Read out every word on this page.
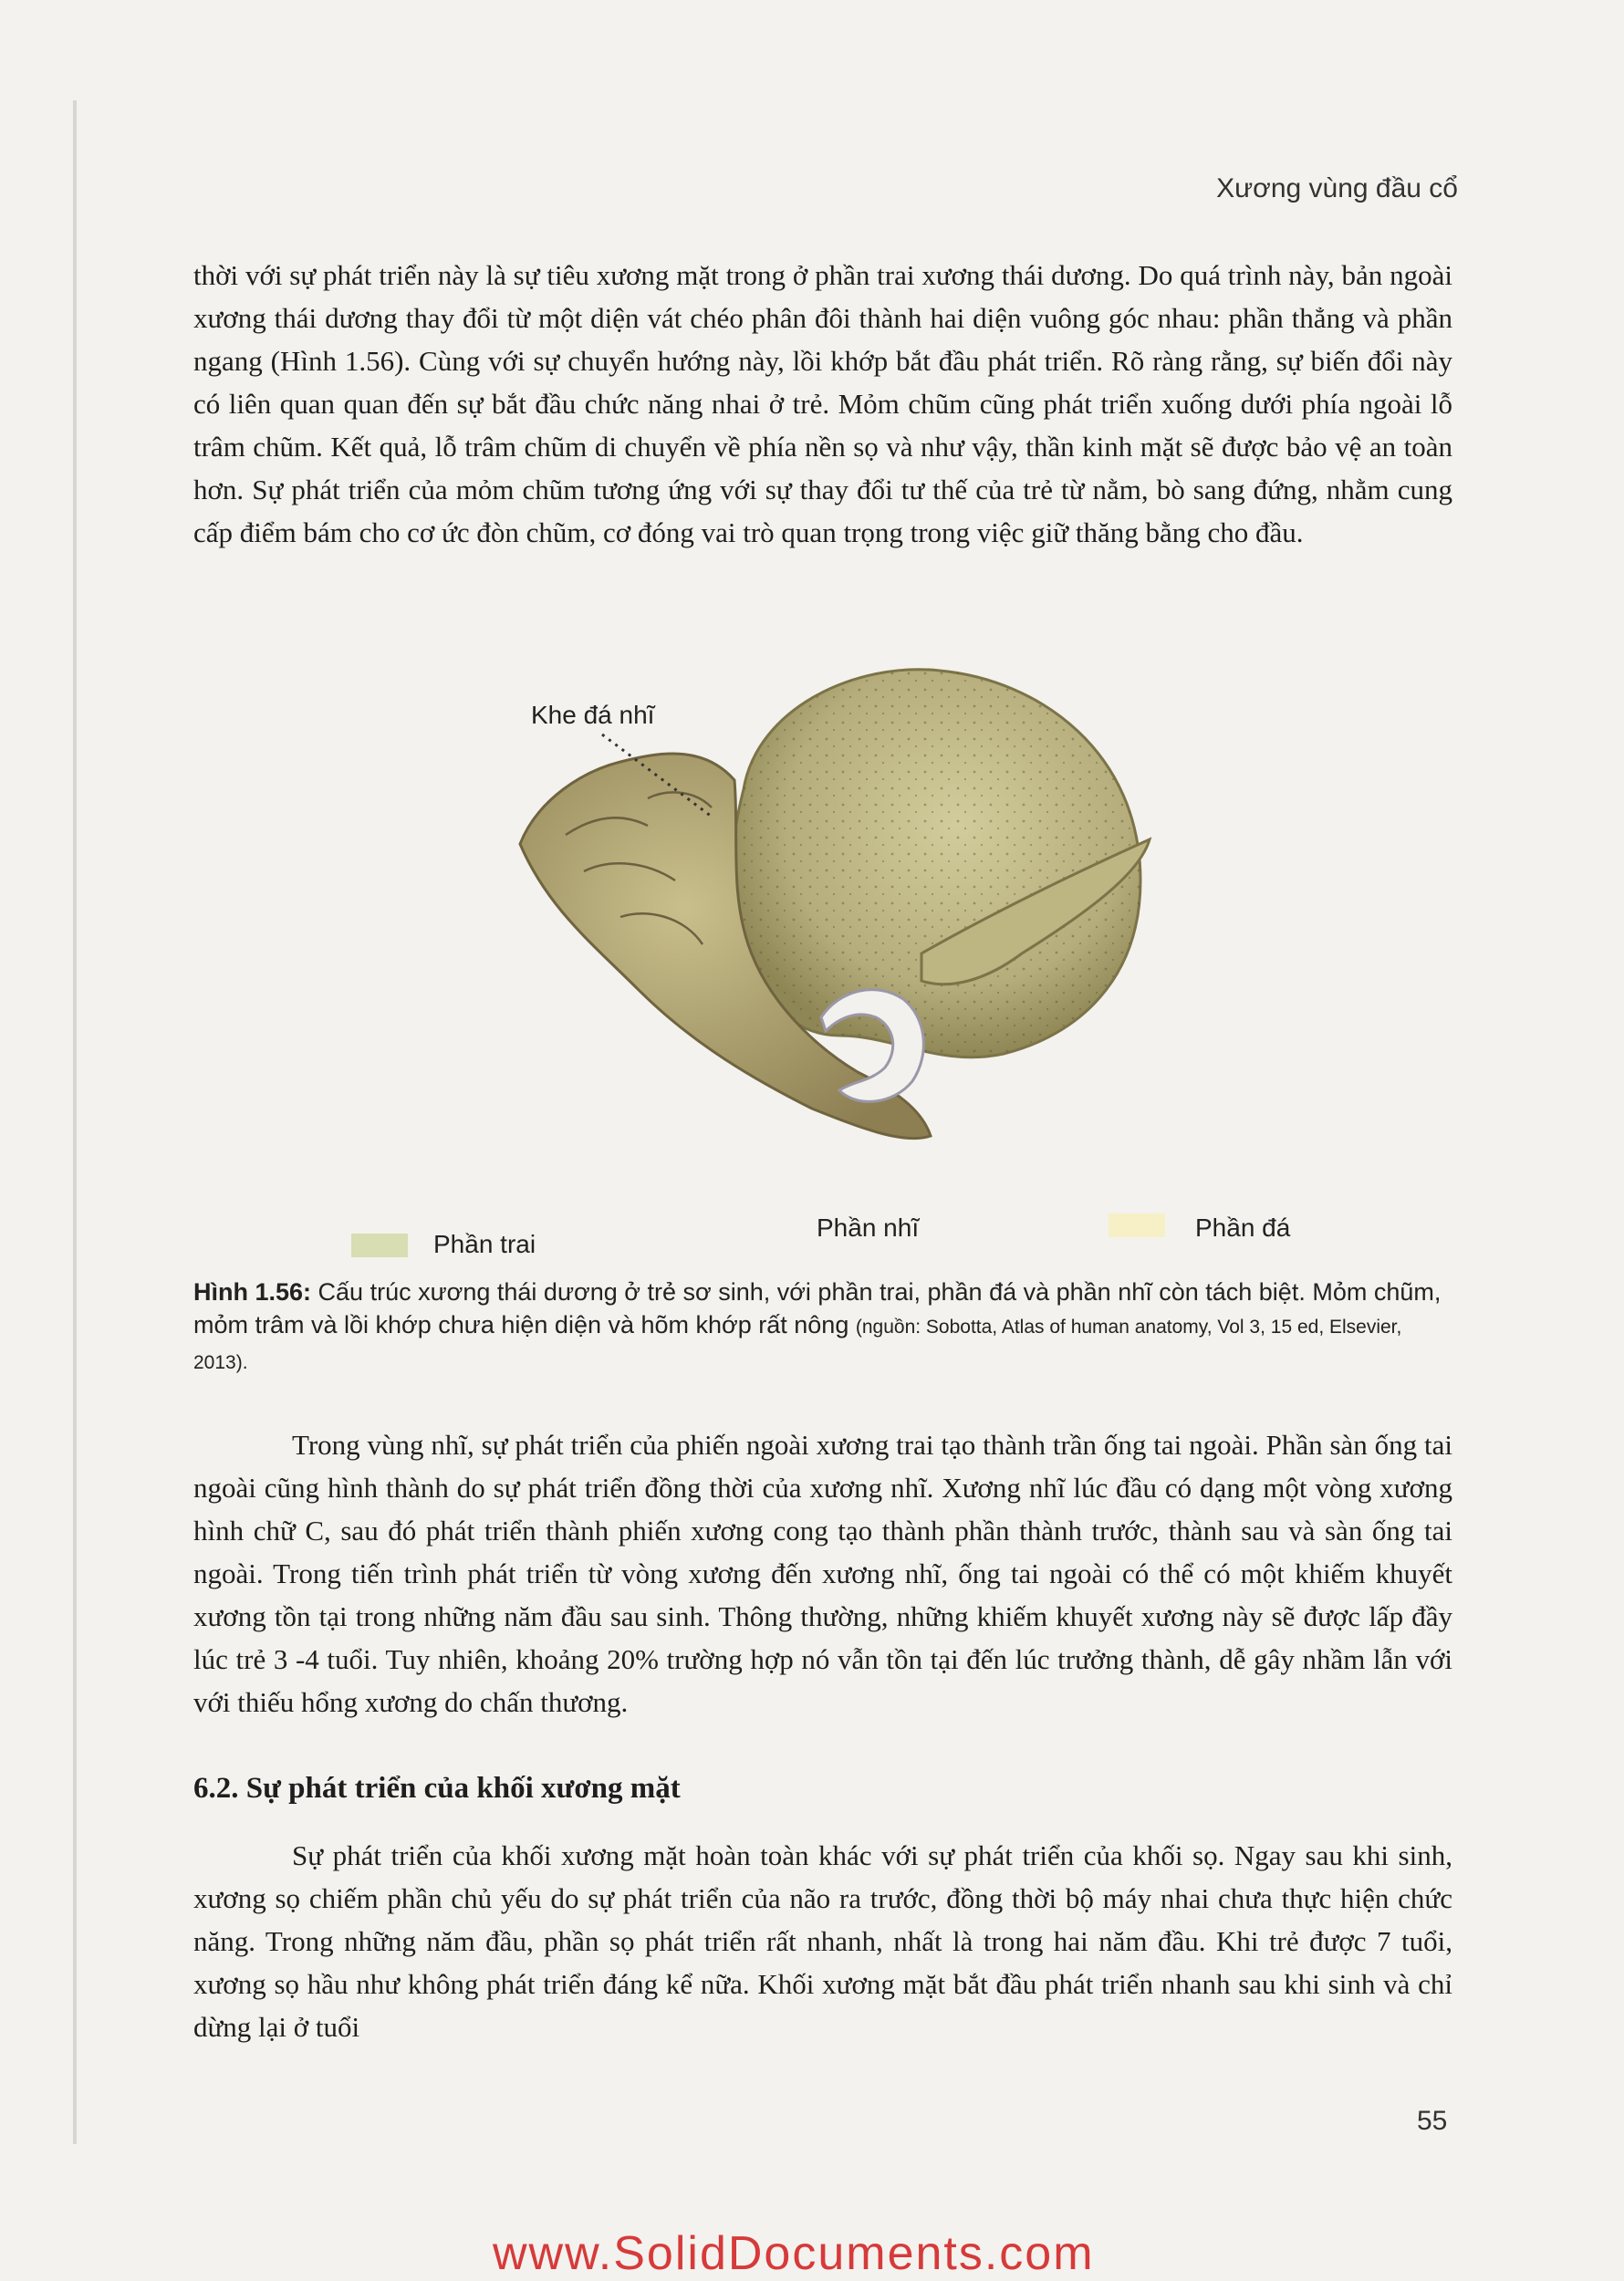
Xương vùng đầu cổ

thời với sự phát triển này là sự tiêu xương mặt trong ở phần trai xương thái dương. Do quá trình này, bản ngoài xương thái dương thay đổi từ một diện vát chéo phân đôi thành hai diện vuông góc nhau: phần thẳng và phần ngang (Hình 1.56). Cùng với sự chuyển hướng này, lồi khớp bắt đầu phát triển. Rõ ràng rằng, sự biến đổi này có liên quan quan đến sự bắt đầu chức năng nhai ở trẻ. Mỏm chũm cũng phát triển xuống dưới phía ngoài lỗ trâm chũm. Kết quả, lỗ trâm chũm di chuyển về phía nền sọ và như vậy, thần kinh mặt sẽ được bảo vệ an toàn hơn. Sự phát triển của mỏm chũm tương ứng với sự thay đổi tư thế của trẻ từ nằm, bò sang đứng, nhằm cung cấp điểm bám cho cơ ức đòn chũm, cơ đóng vai trò quan trọng trong việc giữ thăng bằng cho đầu.

Khe đá nhĩ
Phần trai
Phần nhĩ	Phần đá

Hình 1.56: Cấu trúc xương thái dương ở trẻ sơ sinh, với phần trai, phần đá và phần nhĩ còn tách biệt. Mỏm chũm, mỏm trâm và lồi khớp chưa hiện diện và hõm khớp rất nông (nguồn: Sobotta, Atlas of human anatomy, Vol 3, 15 ed, Elsevier, 2013).

Trong vùng nhĩ, sự phát triển của phiến ngoài xương trai tạo thành trần ống tai ngoài. Phần sàn ống tai ngoài cũng hình thành do sự phát triển đồng thời của xương nhĩ. Xương nhĩ lúc đầu có dạng một vòng xương hình chữ C, sau đó phát triển thành phiến xương cong tạo thành phần thành trước, thành sau và sàn ống tai ngoài. Trong tiến trình phát triển từ vòng xương đến xương nhĩ, ống tai ngoài có thể có một khiếm khuyết xương tồn tại trong những năm đầu sau sinh. Thông thường, những khiếm khuyết xương này sẽ được lấp đầy lúc trẻ 3 -4 tuổi. Tuy nhiên, khoảng 20% trường hợp nó vẫn tồn tại đến lúc trưởng thành, dễ gây nhầm lẫn với với thiếu hổng xương do chấn thương.

6.2. Sự phát triển của khối xương mặt

Sự phát triển của khối xương mặt hoàn toàn khác với sự phát triển của khối sọ. Ngay sau khi sinh, xương sọ chiếm phần chủ yếu do sự phát triển của não ra trước, đồng thời bộ máy nhai chưa thực hiện chức năng. Trong những năm đầu, phần sọ phát triển rất nhanh, nhất là trong hai năm đầu. Khi trẻ được 7 tuổi, xương sọ hầu như không phát triển đáng kể nữa. Khối xương mặt bắt đầu phát triển nhanh sau khi sinh và chỉ dừng lại ở tuổi

55
www.SolidDocuments.com
